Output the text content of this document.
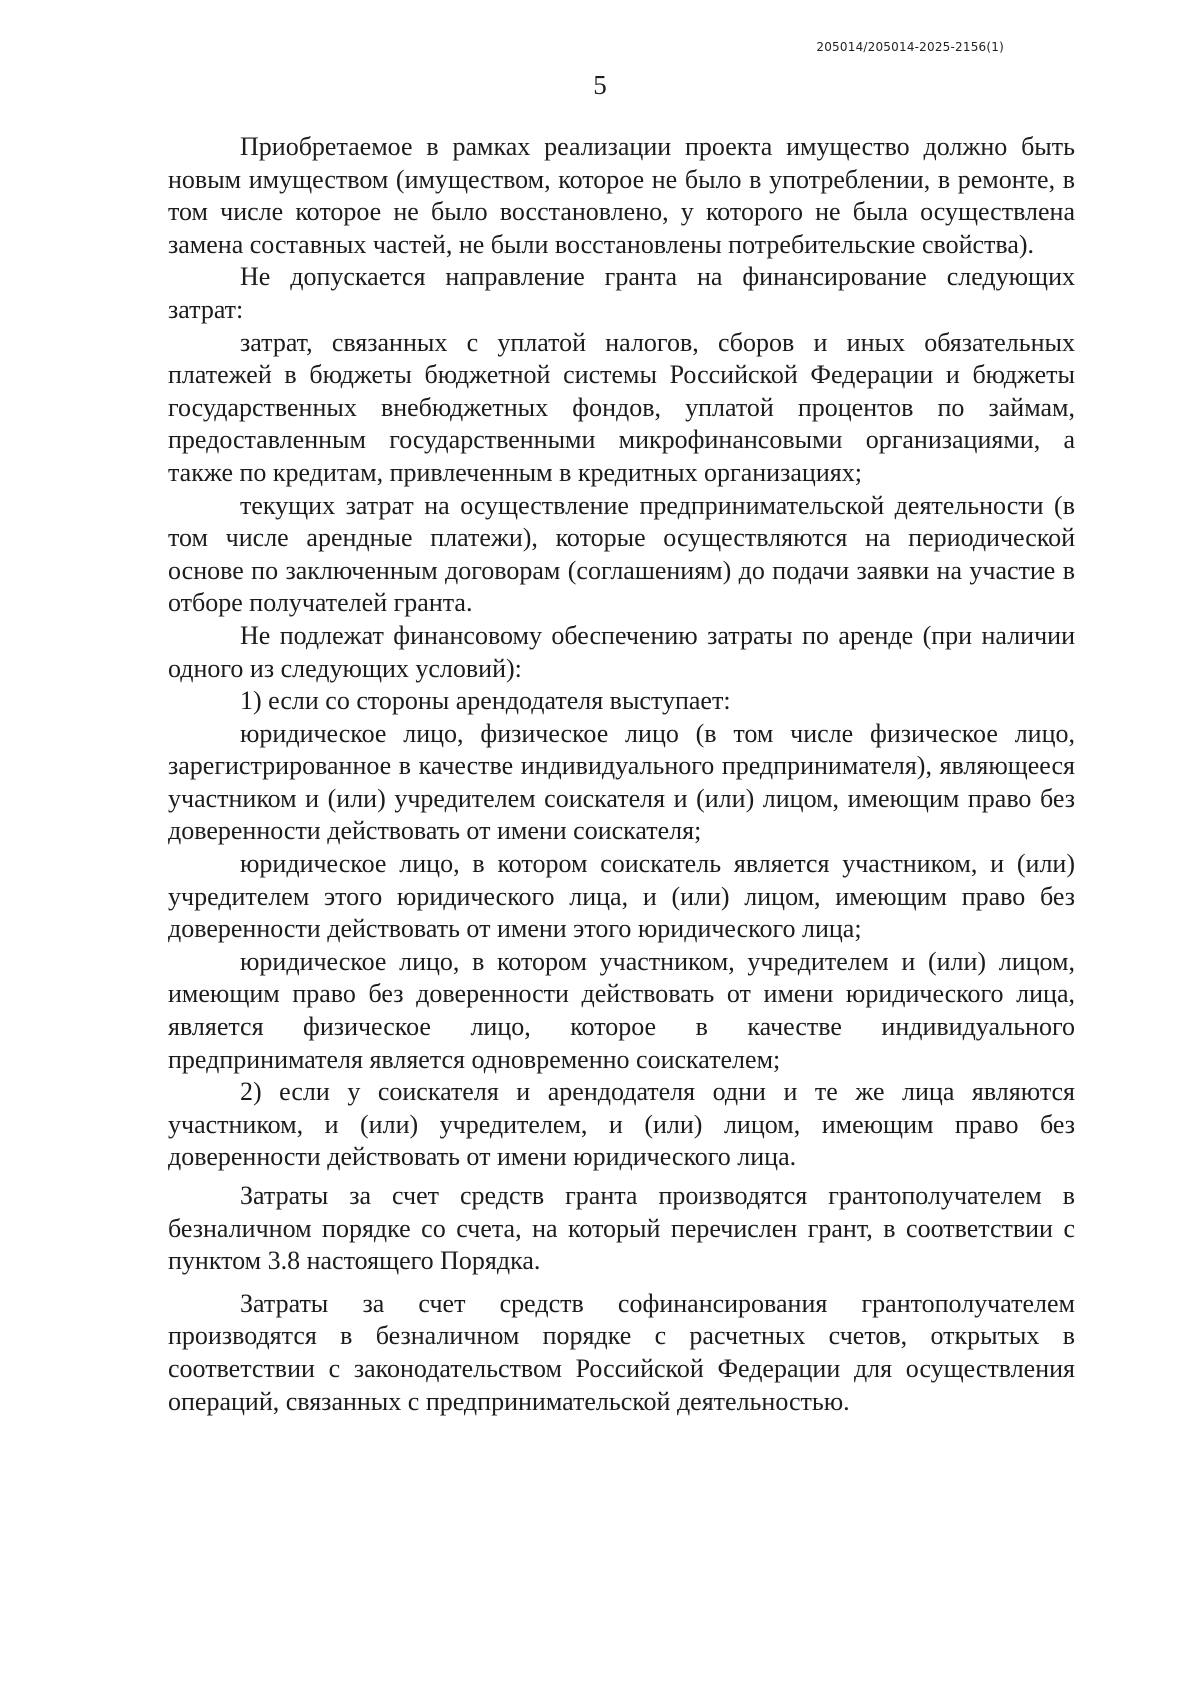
205014/205014-2025-2156(1)
5

Приобретаемое в рамках реализации проекта имущество должно быть новым имуществом (имуществом, которое не было в употреблении, в ремонте, в том числе которое не было восстановлено, у которого не была осуществлена замена составных частей, не были восстановлены потребительские свойства).

Не допускается направление гранта на финансирование следующих затрат:

затрат, связанных с уплатой налогов, сборов и иных обязательных платежей в бюджеты бюджетной системы Российской Федерации и бюджеты государственных внебюджетных фондов, уплатой процентов по займам, предоставленным государственными микрофинансовыми организациями, а также по кредитам, привлеченным в кредитных организациях;

текущих затрат на осуществление предпринимательской деятельности (в том числе арендные платежи), которые осуществляются на периодической основе по заключенным договорам (соглашениям) до подачи заявки на участие в отборе получателей гранта.

Не подлежат финансовому обеспечению затраты по аренде (при наличии одного из следующих условий):

1) если со стороны арендодателя выступает:

юридическое лицо, физическое лицо (в том числе физическое лицо, зарегистрированное в качестве индивидуального предпринимателя), являющееся участником и (или) учредителем соискателя и (или) лицом, имеющим право без доверенности действовать от имени соискателя;

юридическое лицо, в котором соискатель является участником, и (или) учредителем этого юридического лица, и (или) лицом, имеющим право без доверенности действовать от имени этого юридического лица;

юридическое лицо, в котором участником, учредителем и (или) лицом, имеющим право без доверенности действовать от имени юридического лица, является физическое лицо, которое в качестве индивидуального предпринимателя является одновременно соискателем;

2) если у соискателя и арендодателя одни и те же лица являются участником, и (или) учредителем, и (или) лицом, имеющим право без доверенности действовать от имени юридического лица.

Затраты за счет средств гранта производятся грантополучателем в безналичном порядке со счета, на который перечислен грант, в соответствии с пунктом 3.8 настоящего Порядка.

Затраты за счет средств софинансирования грантополучателем производятся в безналичном порядке с расчетных счетов, открытых в соответствии с законодательством Российской Федерации для осуществления операций, связанных с предпринимательской деятельностью.
